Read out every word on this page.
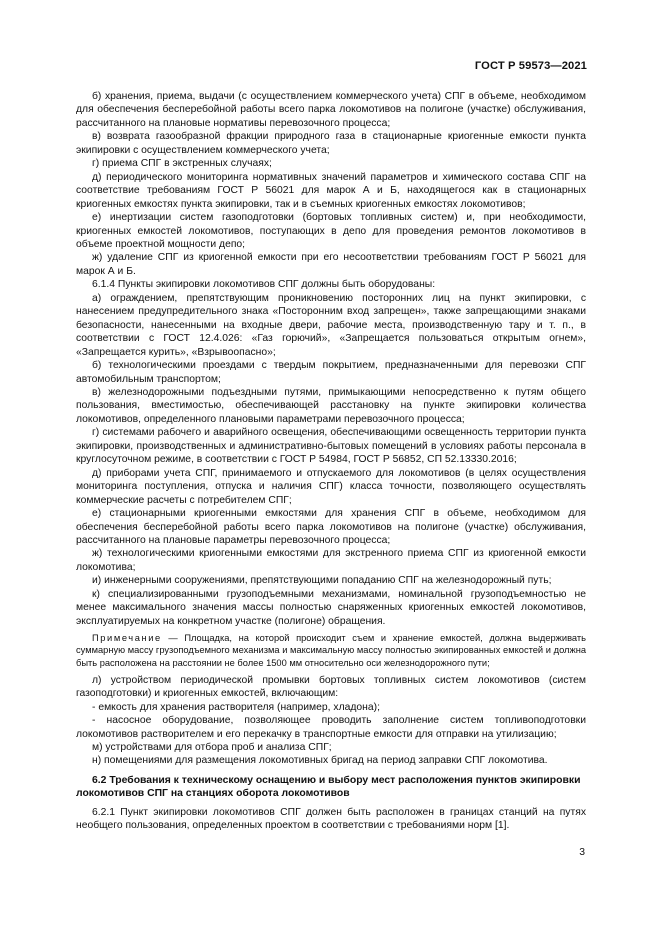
ГОСТ Р 59573—2021

б) хранения, приема, выдачи (с осуществлением коммерческого учета) СПГ в объеме, необходимом для обеспечения бесперебойной работы всего парка локомотивов на полигоне (участке) обслуживания, рассчитанного на плановые нормативы перевозочного процесса;

в) возврата газообразной фракции природного газа в стационарные криогенные емкости пункта экипировки с осуществлением коммерческого учета;

г) приема СПГ в экстренных случаях;

д) периодического мониторинга нормативных значений параметров и химического состава СПГ на соответствие требованиям ГОСТ Р 56021 для марок А и Б, находящегося как в стационарных криогенных емкостях пункта экипировки, так и в съемных криогенных емкостях локомотивов;

е) инертизации систем газоподготовки (бортовых топливных систем) и, при необходимости, криогенных емкостей локомотивов, поступающих в депо для проведения ремонтов локомотивов в объеме проектной мощности депо;

ж) удаление СПГ из криогенной емкости при его несоответствии требованиям ГОСТ Р 56021 для марок А и Б.

6.1.4 Пункты экипировки локомотивов СПГ должны быть оборудованы:

а) ограждением, препятствующим проникновению посторонних лиц на пункт экипировки, с нанесением предупредительного знака «Посторонним вход запрещен», также запрещающими знаками безопасности, нанесенными на входные двери, рабочие места, производственную тару и т. п., в соответствии с ГОСТ 12.4.026: «Газ горючий», «Запрещается пользоваться открытым огнем», «Запрещается курить», «Взрывоопасно»;

б) технологическими проездами с твердым покрытием, предназначенными для перевозки СПГ автомобильным транспортом;

в) железнодорожными подъездными путями, примыкающими непосредственно к путям общего пользования, вместимостью, обеспечивающей расстановку на пункте экипировки количества локомотивов, определенного плановыми параметрами перевозочного процесса;

г) системами рабочего и аварийного освещения, обеспечивающими освещенность территории пункта экипировки, производственных и административно-бытовых помещений в условиях работы персонала в круглосуточном режиме, в соответствии с ГОСТ Р 54984, ГОСТ Р 56852, СП 52.13330.2016;

д) приборами учета СПГ, принимаемого и отпускаемого для локомотивов (в целях осуществления мониторинга поступления, отпуска и наличия СПГ) класса точности, позволяющего осуществлять коммерческие расчеты с потребителем СПГ;

е) стационарными криогенными емкостями для хранения СПГ в объеме, необходимом для обеспечения бесперебойной работы всего парка локомотивов на полигоне (участке) обслуживания, рассчитанного на плановые параметры перевозочного процесса;

ж) технологическими криогенными емкостями для экстренного приема СПГ из криогенной емкости локомотива;

и) инженерными сооружениями, препятствующими попаданию СПГ на железнодорожный путь;

к) специализированными грузоподъемными механизмами, номинальной грузоподъемностью не менее максимального значения массы полностью снаряженных криогенных емкостей локомотивов, эксплуатируемых на конкретном участке (полигоне) обращения.

Примечание — Площадка, на которой происходит съем и хранение емкостей, должна выдерживать суммарную массу грузоподъемного механизма и максимальную массу полностью экипированных емкостей и должна быть расположена на расстоянии не более 1500 мм относительно оси железнодорожного пути;

л) устройством периодической промывки бортовых топливных систем локомотивов (систем газоподготовки) и криогенных емкостей, включающим:

- емкость для хранения растворителя (например, хладона);

- насосное оборудование, позволяющее проводить заполнение систем топливоподготовки локомотивов растворителем и его перекачку в транспортные емкости для отправки на утилизацию;

м) устройствами для отбора проб и анализа СПГ;

н) помещениями для размещения локомотивных бригад на период заправки СПГ локомотива.

6.2 Требования к техническому оснащению и выбору мест расположения пунктов экипировки локомотивов СПГ на станциях оборота локомотивов

6.2.1 Пункт экипировки локомотивов СПГ должен быть расположен в границах станций на путях необщего пользования, определенных проектом в соответствии с требованиями норм [1].

3
